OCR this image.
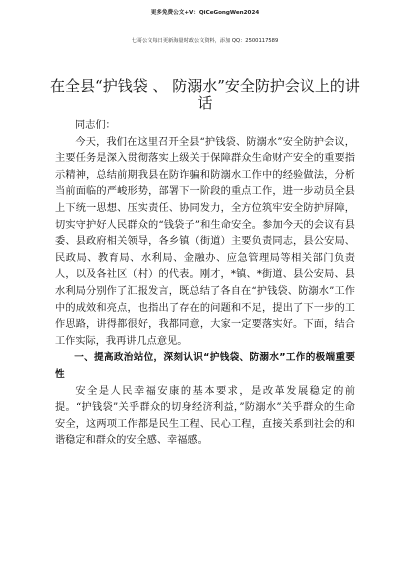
更多免费公文+V：QiCeGongWen2024
七哥公文每日更新海量时政公文资料，添加 QQ：2500117589
在全县“护钱袋 、 防溺水”安全防护会议上的讲话

同志们：

今天，我们在这里召开全县“护钱袋、防溺水”安全防护会议，主要任务是深入贯彻落实上级关于保障群众生命财产安全的重要指示精神，总结前期我县在防诈骗和防溺水工作中的经验做法，分析当前面临的严峻形势，部署下一阶段的重点工作，进一步动员全县上下统一思想、压实责任、协同发力，全方位筑牢安全防护屏障，切实守护好人民群众的“钱袋子”和生命安全。参加今天的会议有县委、县政府相关领导，各乡镇（街道）主要负责同志，县公安局、民政局、教育局、水利局、金融办、应急管理局等相关部门负责人，以及各社区（村）的代表。刚才，*镇、*街道、县公安局、县水利局分别作了汇报发言，既总结了各自在“护钱袋、防溺水”工作中的成效和亮点，也指出了存在的问题和不足，提出了下一步的工作思路，讲得都很好，我都同意，大家一定要落实好。下面，结合工作实际，我再讲几点意见。

一、提高政治站位，深刻认识“护钱袋、防溺水”工作的极端重要性

安全是人民幸福安康的基本要求，是改革发展稳定的前提。“护钱袋”关乎群众的切身经济利益，”防溺水”关乎群众的生命安全，这两项工作都是民生工程、民心工程，直接关系到社会的和谐稳定和群众的安全感、幸福感。
